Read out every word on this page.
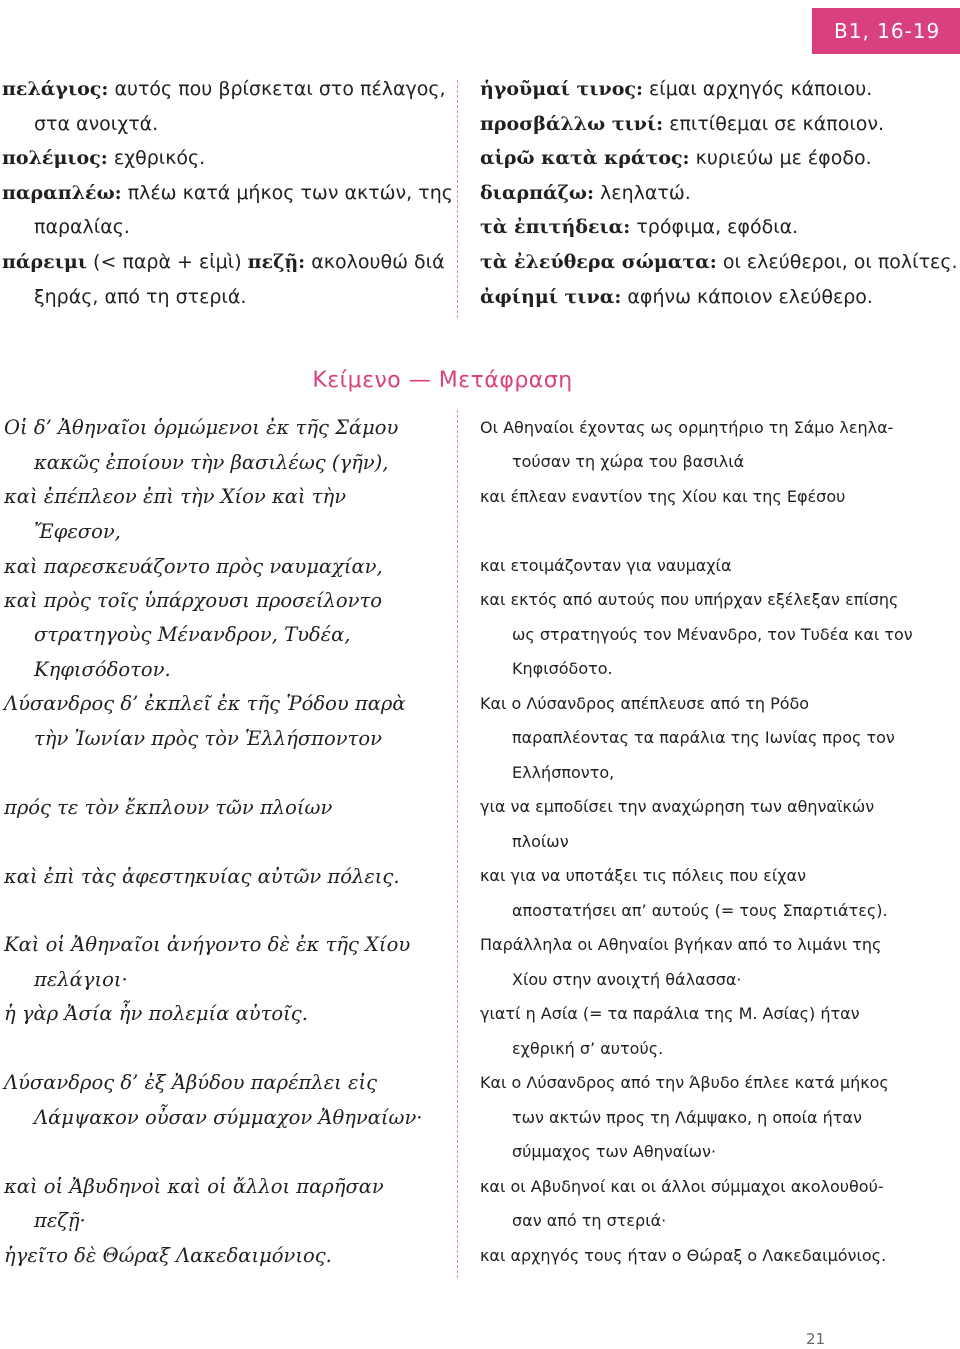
B1, 16-19
πελάγιος: αυτός που βρίσκεται στο πέλαγος,
στα ανοιχτά.
πολέμιος: εχθρικός.
παραπλέω: πλέω κατά μήκος των ακτών, της
παραλίας.
πάρειμι (< παρὰ + εἰμὶ) πεζῇ: ακολουθώ διά
ξηράς, από τη στεριά.
ἡγοῦμαί τινος: είμαι αρχηγός κάποιου.
προσβάλλω τινί: επιτίθεμαι σε κάποιον.
αἱρῶ κατὰ κράτος: κυριεύω με έφοδο.
διαρπάζω: λεηλατώ.
τὰ ἐπιτήδεια: τρόφιμα, εφόδια.
τὰ ἐλεύθερα σώματα: οι ελεύθεροι, οι πολίτες.
ἀφίημί τινα: αφήνω κάποιον ελεύθερο.
Κείμενο — Μετάφραση
Οἱ δ’ Ἀθηναῖοι ὁρμώμενοι ἐκ τῆς Σάμου
κακῶς ἐποίουν τὴν βασιλέως (γῆν),
καὶ ἐπέπλεον ἐπὶ τὴν Χίον καὶ τὴν
Ἔφεσον,
καὶ παρεσκευάζοντο πρὸς ναυμαχίαν,
καὶ πρὸς τοῖς ὑπάρχουσι προσείλοντο
στρατηγοὺς Μένανδρον, Τυδέα,
Κηφισόδοτον.
Λύσανδρος δ’ ἐκπλεῖ ἐκ τῆς Ῥόδου παρὰ
τὴν Ἰωνίαν πρὸς τὸν Ἑλλήσποντον
πρός τε τὸν ἔκπλουν τῶν πλοίων
καὶ ἐπὶ τὰς ἀφεστηκυίας αὐτῶν πόλεις.
Καὶ οἱ Ἀθηναῖοι ἀνήγοντο δὲ ἐκ τῆς Χίου
πελάγιοι·
ἡ γὰρ Ἀσία ἦν πολεμία αὐτοῖς.
Λύσανδρος δ’ ἐξ Ἀβύδου παρέπλει εἰς
Λάμψακον οὖσαν σύμμαχον Ἀθηναίων·
καὶ οἱ Ἀβυδηνοὶ καὶ οἱ ἄλλοι παρῆσαν
πεζῇ·
ἡγεῖτο δὲ Θώραξ Λακεδαιμόνιος.
Οι Αθηναίοι έχοντας ως ορμητήριο τη Σάμο λεηλα-
τούσαν τη χώρα του βασιλιά
και έπλεαν εναντίον της Χίου και της Εφέσου
και ετοιμάζονταν για ναυμαχία
και εκτός από αυτούς που υπήρχαν εξέλεξαν επίσης
ως στρατηγούς τον Μένανδρο, τον Τυδέα και τον
Κηφισόδοτο.
Και ο Λύσανδρος απέπλευσε από τη Ρόδο
παραπλέοντας τα παράλια της Ιωνίας προς τον
Ελλήσποντο,
για να εμποδίσει την αναχώρηση των αθηναϊκών
πλοίων
και για να υποτάξει τις πόλεις που είχαν
αποστατήσει απ’ αυτούς (= τους Σπαρτιάτες).
Παράλληλα οι Αθηναίοι βγήκαν από το λιμάνι της
Χίου στην ανοιχτή θάλασσα·
γιατί η Ασία (= τα παράλια της Μ. Ασίας) ήταν
εχθρική σ’ αυτούς.
Και ο Λύσανδρος από την Άβυδο έπλεε κατά μήκος
των ακτών προς τη Λάμψακο, η οποία ήταν
σύμμαχος των Αθηναίων·
και οι Αβυδηνοί και οι άλλοι σύμμαχοι ακολουθού-
σαν από τη στεριά·
και αρχηγός τους ήταν ο Θώραξ ο Λακεδαιμόνιος.
21
